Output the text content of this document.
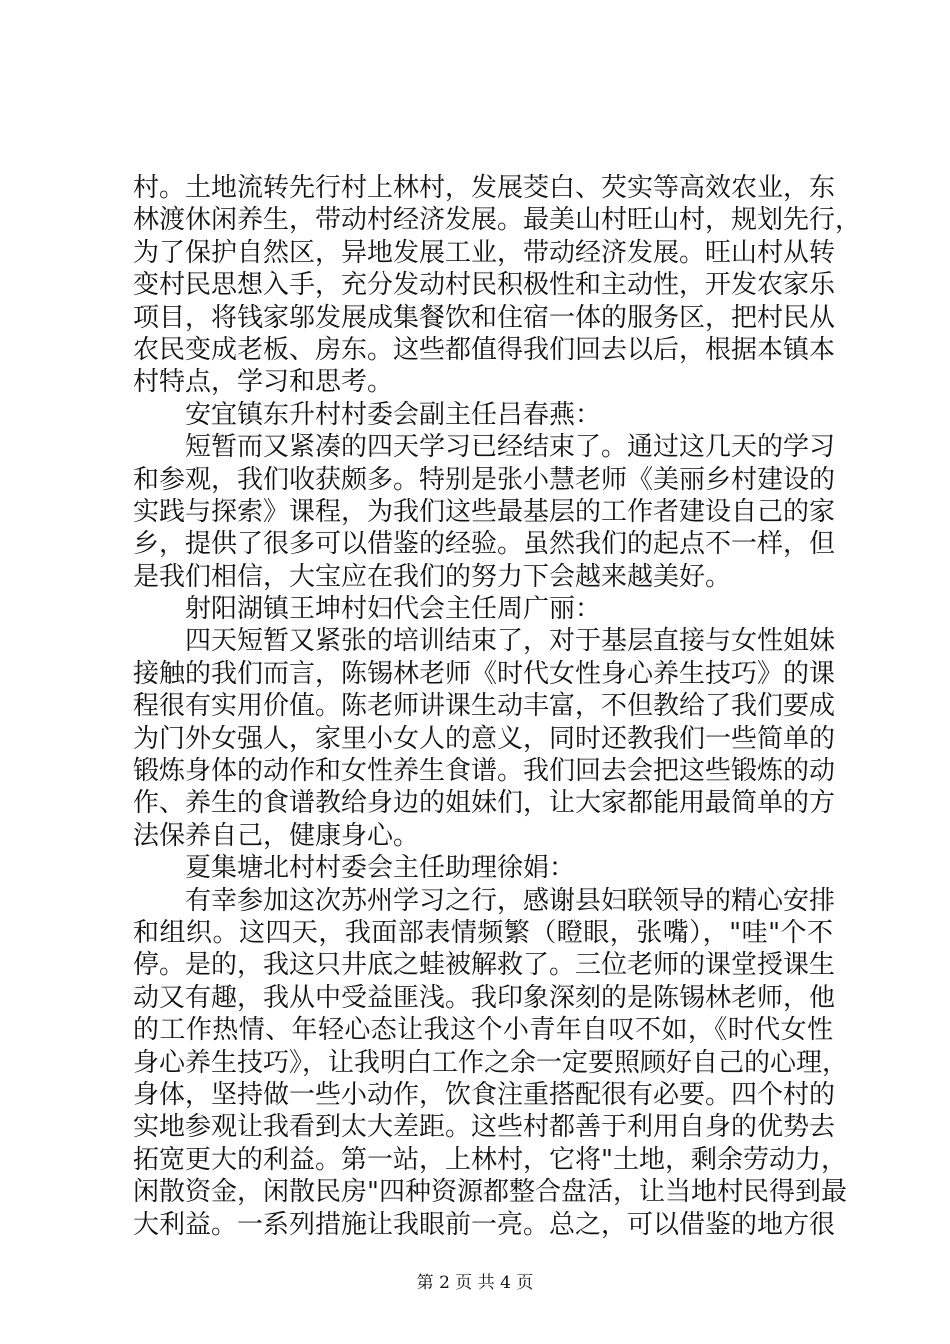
村。土地流转先行村上林村，发展茭白、芡实等高效农业，东
林渡休闲养生，带动村经济发展。最美山村旺山村，规划先行，
为了保护自然区，异地发展工业，带动经济发展。旺山村从转
变村民思想入手，充分发动村民积极性和主动性，开发农家乐
项目，将钱家邬发展成集餐饮和住宿一体的服务区，把村民从
农民变成老板、房东。这些都值得我们回去以后，根据本镇本
村特点，学习和思考。
安宜镇东升村村委会副主任吕春燕：
短暂而又紧凑的四天学习已经结束了。通过这几天的学习
和参观，我们收获颇多。特别是张小慧老师《美丽乡村建设的
实践与探索》课程，为我们这些最基层的工作者建设自己的家
乡，提供了很多可以借鉴的经验。虽然我们的起点不一样，但
是我们相信，大宝应在我们的努力下会越来越美好。
射阳湖镇王坤村妇代会主任周广丽：
四天短暂又紧张的培训结束了，对于基层直接与女性姐妹
接触的我们而言，陈锡林老师《时代女性身心养生技巧》的课
程很有实用价值。陈老师讲课生动丰富，不但教给了我们要成
为门外女强人，家里小女人的意义，同时还教我们一些简单的
锻炼身体的动作和女性养生食谱。我们回去会把这些锻炼的动
作、养生的食谱教给身边的姐妹们，让大家都能用最简单的方
法保养自己，健康身心。
夏集塘北村村委会主任助理徐娟：
有幸参加这次苏州学习之行，感谢县妇联领导的精心安排
和组织。这四天，我面部表情频繁（瞪眼，张嘴），"哇"个不
停。是的，我这只井底之蛙被解救了。三位老师的课堂授课生
动又有趣，我从中受益匪浅。我印象深刻的是陈锡林老师，他
的工作热情、年轻心态让我这个小青年自叹不如，《时代女性
身心养生技巧》，让我明白工作之余一定要照顾好自己的心理，
身体，坚持做一些小动作，饮食注重搭配很有必要。四个村的
实地参观让我看到太大差距。这些村都善于利用自身的优势去
拓宽更大的利益。第一站，上林村，它将"土地，剩余劳动力，
闲散资金，闲散民房"四种资源都整合盘活，让当地村民得到最
大利益。一系列措施让我眼前一亮。总之，可以借鉴的地方很
第 2 页 共 4 页
